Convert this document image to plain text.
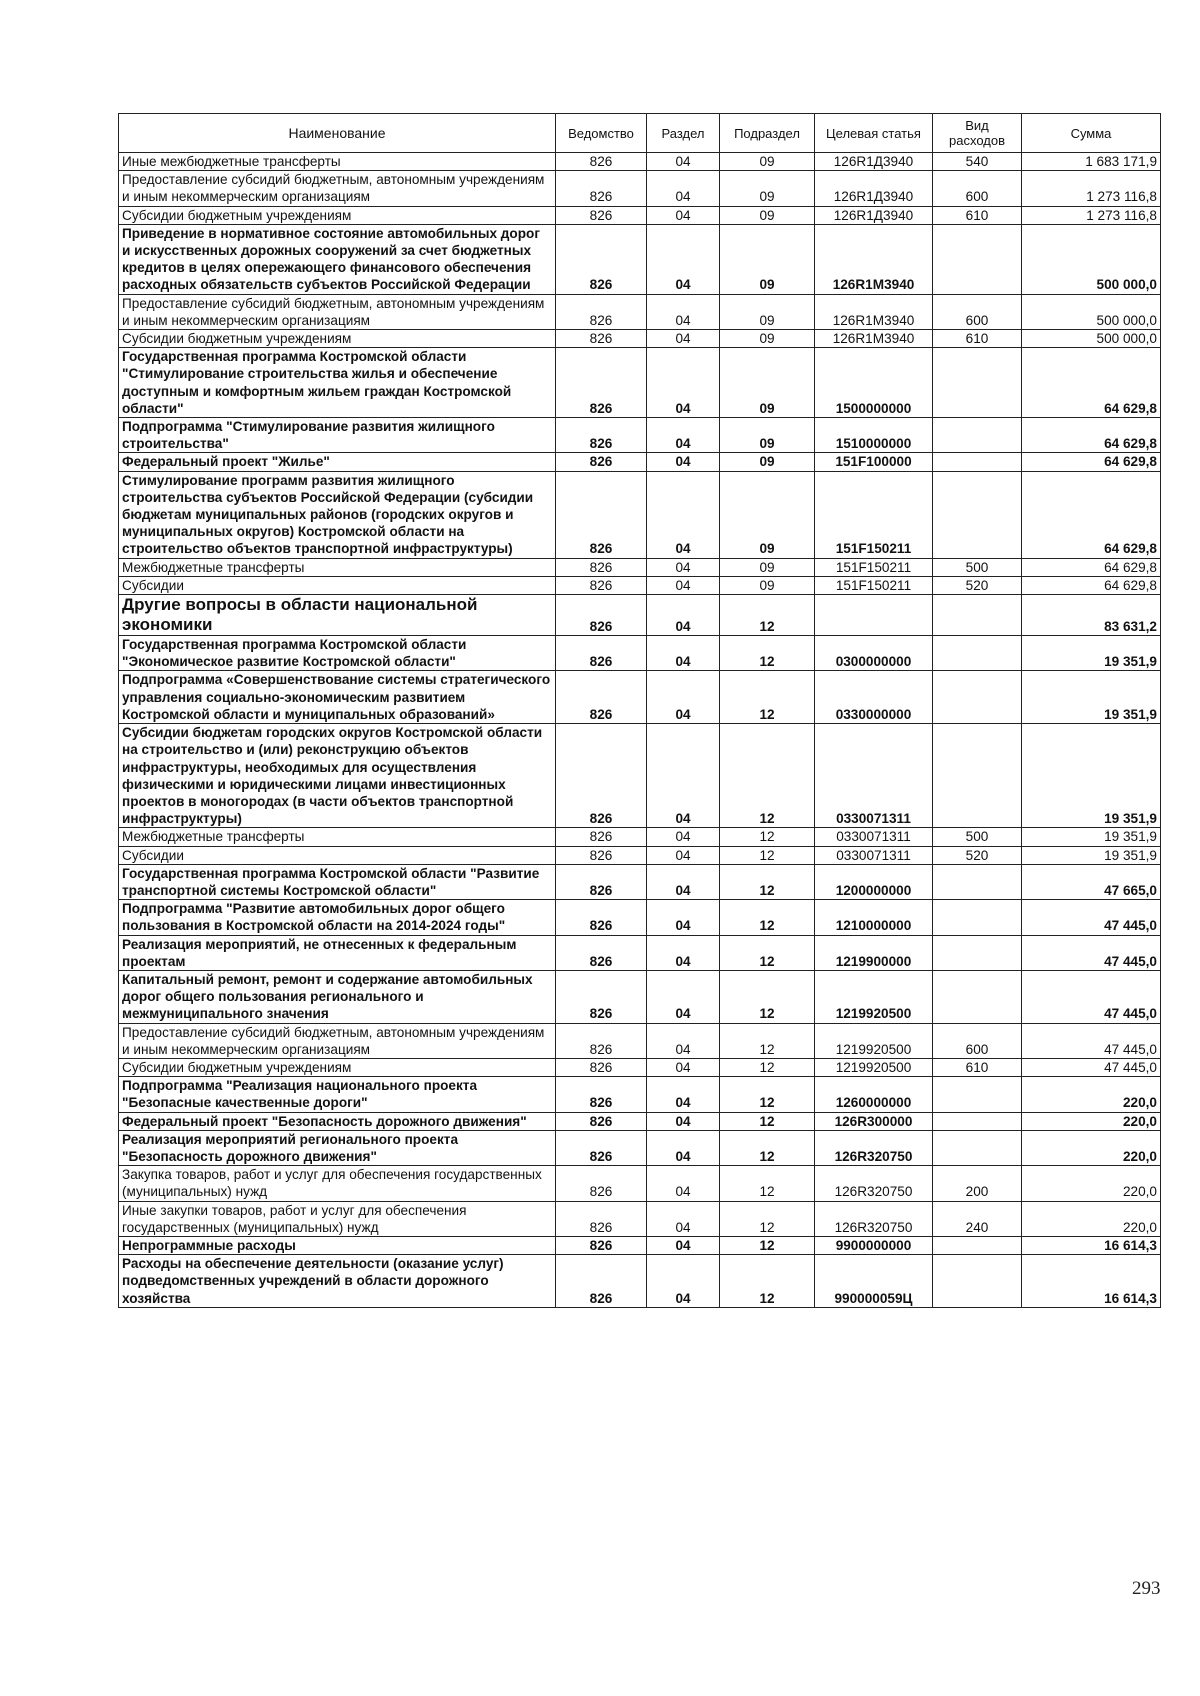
Наименование	Ведомство	Раздел	Подраздел	Целевая статья	Вид расходов	Сумма
Иные межбюджетные трансферты	826	04	09	126R1Д3940	540	1 683 171,9
Предоставление субсидий бюджетным, автономным учреждениям и иным некоммерческим организациям	826	04	09	126R1Д3940	600	1 273 116,8
Субсидии бюджетным учреждениям	826	04	09	126R1Д3940	610	1 273 116,8
Приведение в нормативное состояние автомобильных дорог и искусственных дорожных сооружений за счет бюджетных кредитов в целях опережающего финансового обеспечения расходных обязательств субъектов Российской Федерации	826	04	09	126R1M3940		500 000,0
Предоставление субсидий бюджетным, автономным учреждениям и иным некоммерческим организациям	826	04	09	126R1M3940	600	500 000,0
Субсидии бюджетным учреждениям	826	04	09	126R1M3940	610	500 000,0
Государственная программа Костромской области "Стимулирование строительства жилья и обеспечение доступным и комфортным жильем граждан Костромской области"	826	04	09	1500000000		64 629,8
Подпрограмма "Стимулирование развития жилищного строительства"	826	04	09	1510000000		64 629,8
Федеральный проект "Жилье"	826	04	09	151F100000		64 629,8
Стимулирование программ развития жилищного строительства субъектов Российской Федерации (субсидии бюджетам муниципальных районов (городских округов и муниципальных округов) Костромской области на строительство объектов транспортной инфраструктуры)	826	04	09	151F150211		64 629,8
Межбюджетные трансферты	826	04	09	151F150211	500	64 629,8
Субсидии	826	04	09	151F150211	520	64 629,8
Другие вопросы в области национальной экономики	826	04	12			83 631,2
Государственная программа Костромской области "Экономическое развитие Костромской области"	826	04	12	0300000000		19 351,9
Подпрограмма «Совершенствование системы стратегического управления социально-экономическим развитием Костромской области и муниципальных образований»	826	04	12	0330000000		19 351,9
Субсидии бюджетам городских округов Костромской области на строительство и (или) реконструкцию объектов инфраструктуры, необходимых для осуществления физическими и юридическими лицами инвестиционных проектов в моногородах (в части объектов транспортной инфраструктуры)	826	04	12	0330071311		19 351,9
Межбюджетные трансферты	826	04	12	0330071311	500	19 351,9
Субсидии	826	04	12	0330071311	520	19 351,9
Государственная программа Костромской области "Развитие транспортной системы Костромской области"	826	04	12	1200000000		47 665,0
Подпрограмма "Развитие автомобильных дорог общего пользования в Костромской области на 2014-2024 годы"	826	04	12	1210000000		47 445,0
Реализация мероприятий, не отнесенных к федеральным проектам	826	04	12	1219900000		47 445,0
Капитальный ремонт, ремонт и содержание автомобильных дорог общего пользования регионального и межмуниципального значения	826	04	12	1219920500		47 445,0
Предоставление субсидий бюджетным, автономным учреждениям и иным некоммерческим организациям	826	04	12	1219920500	600	47 445,0
Субсидии бюджетным учреждениям	826	04	12	1219920500	610	47 445,0
Подпрограмма "Реализация национального проекта "Безопасные качественные дороги"	826	04	12	1260000000		220,0
Федеральный проект "Безопасность дорожного движения"	826	04	12	126R300000		220,0
Реализация мероприятий регионального проекта "Безопасность дорожного движения"	826	04	12	126R320750		220,0
Закупка товаров, работ и услуг для обеспечения государственных (муниципальных) нужд	826	04	12	126R320750	200	220,0
Иные закупки товаров, работ и услуг для обеспечения государственных (муниципальных) нужд	826	04	12	126R320750	240	220,0
Непрограммные расходы	826	04	12	9900000000		16 614,3
Расходы на обеспечение деятельности (оказание услуг) подведомственных учреждений в области дорожного хозяйства	826	04	12	990000059Ц		16 614,3
293
